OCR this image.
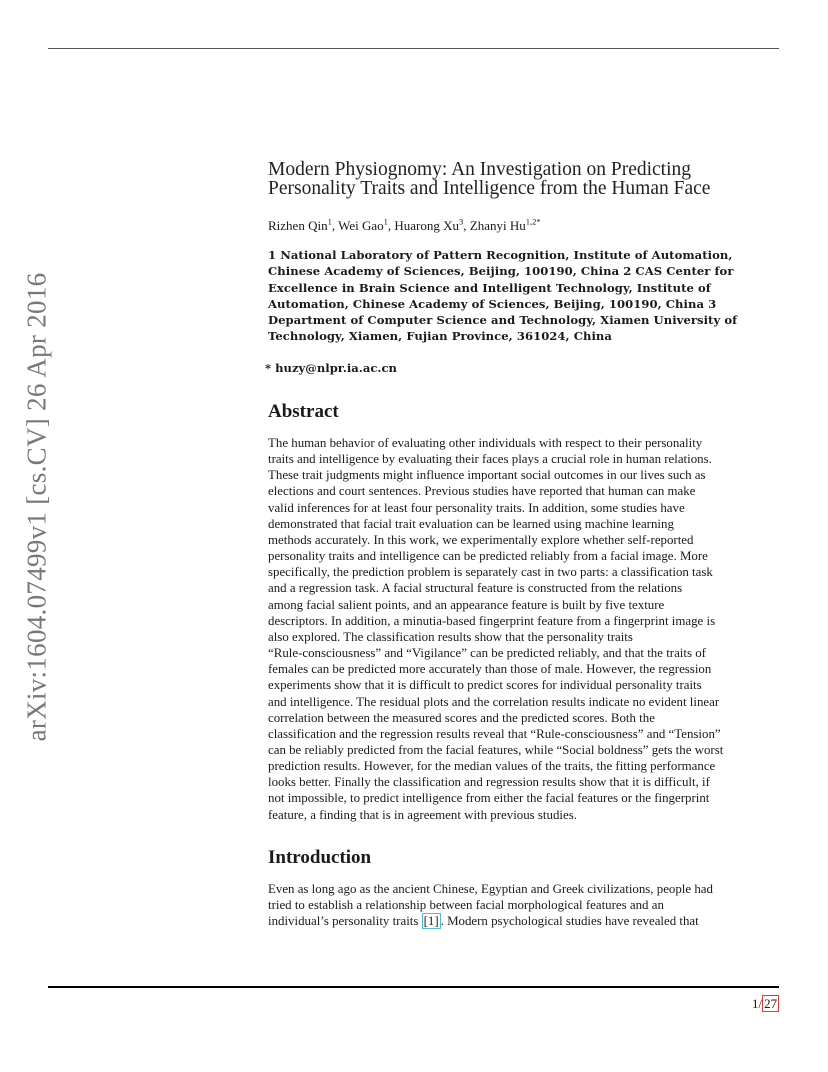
arXiv:1604.07499v1 [cs.CV] 26 Apr 2016
Modern Physiognomy: An Investigation on Predicting
Personality Traits and Intelligence from the Human Face
Rizhen Qin$^1$, Wei Gao$^1$, Huarong Xu$^3$, Zhanyi $Hu^{1,2*}$
1 National Laboratory of Pattern Recognition, Institute of Automation,
Chinese Academy of Sciences, Beijing, 100190, China 2 CAS Center for
Excellence in Brain Science and Intelligent Technology, Institute of
Automation, Chinese Academy of Sciences, Beijing, 100190, China 3
Department of Computer Science and Technology, Xiamen University of
Technology, Xiamen, Fujian Province, 361024, China
* huzy@nlpr.ia.ac.cn
Abstract

The human behavior of evaluating other individuals with respect to their personality
traits and intelligence by evaluating their faces plays a crucial role in human relations.
These trait judgments might influence important social outcomes in our lives such as
elections and court sentences. Previous studies have reported that human can make
valid inferences for at least four personality traits. In addition, some studies have
demonstrated that facial trait evaluation can be learned using machine learning
methods accurately. In this work, we experimentally explore whether self-reported
personality traits and intelligence can be predicted reliably from a facial image. More
specifically, the prediction problem is separately cast in two parts: a classification task
and a regression task. A facial structural feature is constructed from the relations
among facial salient points, and an appearance feature is built by five texture
descriptors. In addition, a minutia-based fingerprint feature from a fingerprint image is
also explored. The classification results show that the personality traits
“Rule-consciousness” and “Vigilance” can be predicted reliably, and that the traits of
females can be predicted more accurately than those of male. However, the regression
experiments show that it is difficult to predict scores for individual personality traits
and intelligence. The residual plots and the correlation results indicate no evident linear
correlation between the measured scores and the predicted scores. Both the
classification and the regression results reveal that “Rule-consciousness” and “Tension”
can be reliably predicted from the facial features, while “Social boldness” gets the worst
prediction results. However, for the median values of the traits, the fitting performance
looks better. Finally the classification and regression results show that it is difficult, if
not impossible, to predict intelligence from either the facial features or the fingerprint
feature, a finding that is in agreement with previous studies.

Introduction

Even as long ago as the ancient Chinese, Egyptian and Greek civilizations, people had
tried to establish a relationship between facial morphological features and an
individual’s personality traits [1] . Modern psychological studies have revealed that

1/ 27
